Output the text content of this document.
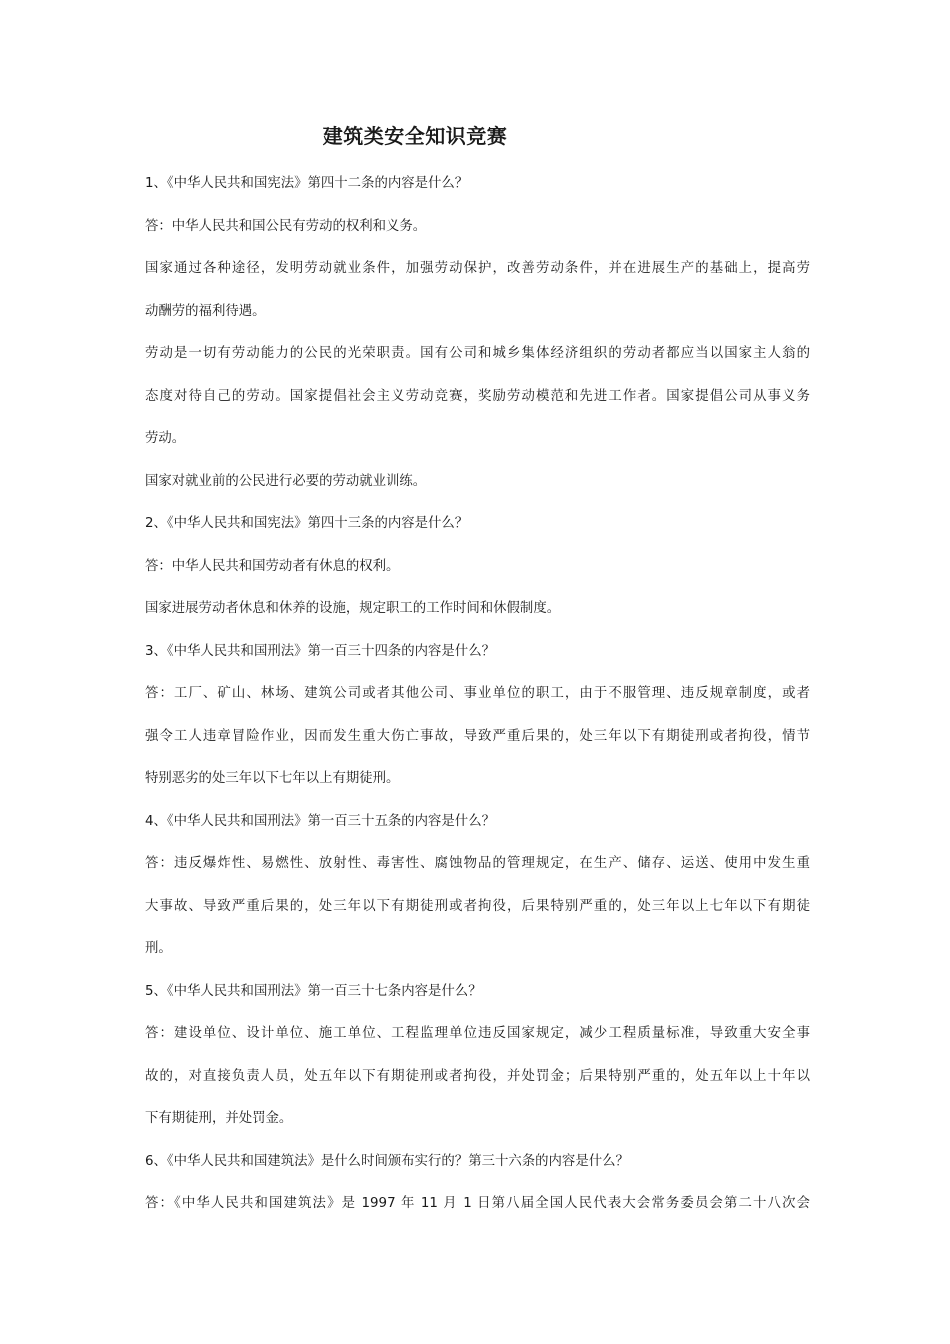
建筑类安全知识竞赛
1、《中华人民共和国宪法》第四十二条的内容是什么？
答：中华人民共和国公民有劳动的权利和义务。
国家通过各种途径，发明劳动就业条件，加强劳动保护，改善劳动条件，并在进展生产的基础上，提高劳
动酬劳的福利待遇。
劳动是一切有劳动能力的公民的光荣职责。国有公司和城乡集体经济组织的劳动者都应当以国家主人翁的
态度对待自己的劳动。国家提倡社会主义劳动竞赛，奖励劳动模范和先进工作者。国家提倡公司从事义务
劳动。
国家对就业前的公民进行必要的劳动就业训练。
2、《中华人民共和国宪法》第四十三条的内容是什么？
答：中华人民共和国劳动者有休息的权利。
国家进展劳动者休息和休养的设施，规定职工的工作时间和休假制度。
3、《中华人民共和国刑法》第一百三十四条的内容是什么？
答：工厂、矿山、林场、建筑公司或者其他公司、事业单位的职工，由于不服管理、违反规章制度，或者
强令工人违章冒险作业，因而发生重大伤亡事故，导致严重后果的，处三年以下有期徒刑或者拘役，情节
特别恶劣的处三年以下七年以上有期徒刑。
4、《中华人民共和国刑法》第一百三十五条的内容是什么？
答：违反爆炸性、易燃性、放射性、毒害性、腐蚀物品的管理规定，在生产、储存、运送、使用中发生重
大事故、导致严重后果的，处三年以下有期徒刑或者拘役，后果特别严重的，处三年以上七年以下有期徒
刑。
5、《中华人民共和国刑法》第一百三十七条内容是什么？
答：建设单位、设计单位、施工单位、工程监理单位违反国家规定，减少工程质量标准，导致重大安全事
故的，对直接负责人员，处五年以下有期徒刑或者拘役，并处罚金；后果特别严重的，处五年以上十年以
下有期徒刑，并处罚金。
6、《中华人民共和国建筑法》是什么时间颁布实行的？第三十六条的内容是什么？
答：《中华人民共和国建筑法》是 1997 年 11 月 1 日第八届全国人民代表大会常务委员会第二十八次会
